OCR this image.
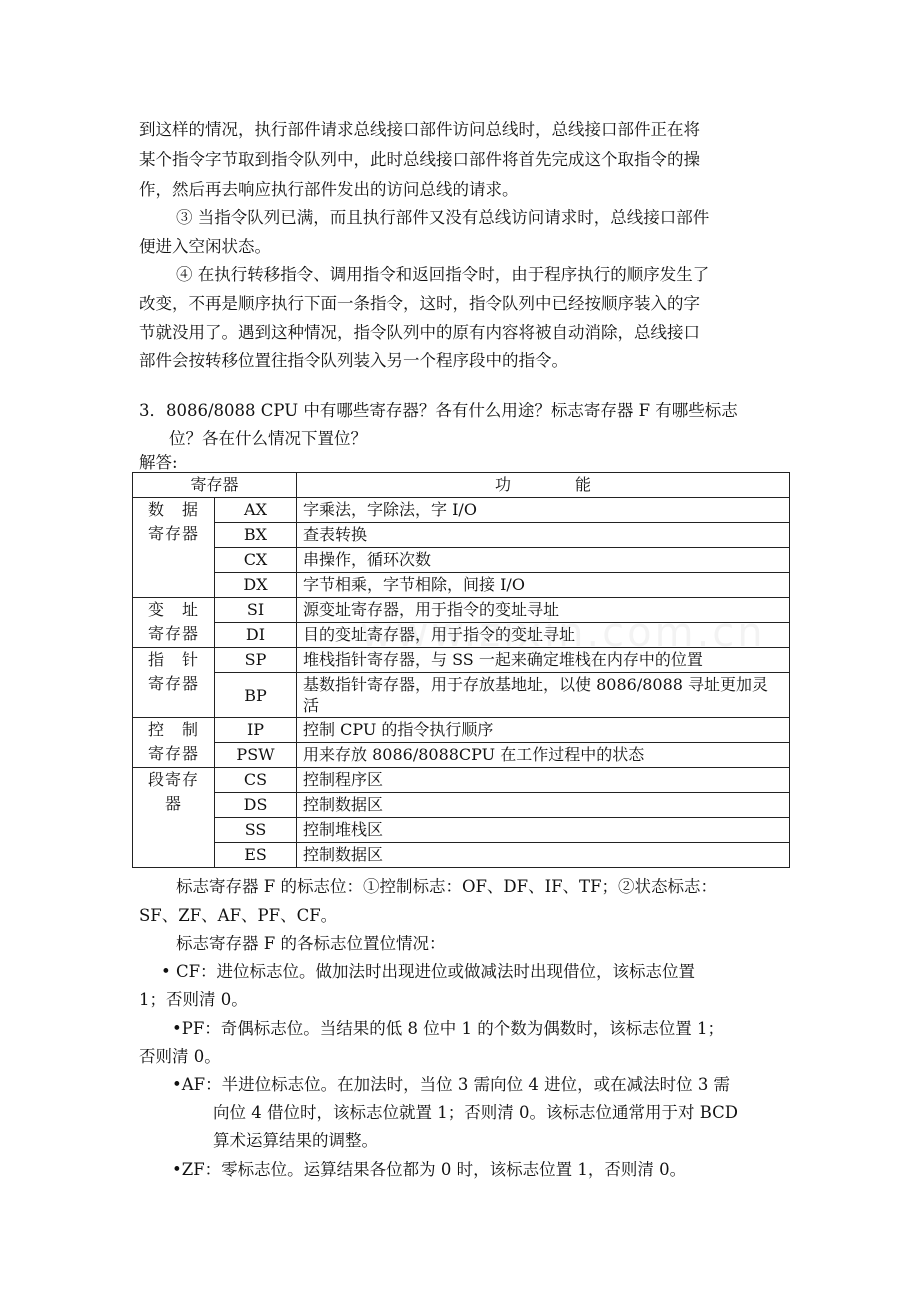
到这样的情况，执行部件请求总线接口部件访问总线时，总线接口部件正在将
某个指令字节取到指令队列中，此时总线接口部件将首先完成这个取指令的操
作，然后再去响应执行部件发出的访问总线的请求。
③ 当指令队列已满，而且执行部件又没有总线访问请求时，总线接口部件
便进入空闲状态。
④ 在执行转移指令、调用指令和返回指令时，由于程序执行的顺序发生了
改变，不再是顺序执行下面一条指令，这时，指令队列中已经按顺序装入的字
节就没用了。遇到这种情况，指令队列中的原有内容将被自动消除，总线接口
部件会按转移位置往指令队列装入另一个程序段中的指令。
3．8086/8088 CPU 中有哪些寄存器？各有什么用途？标志寄存器 F 有哪些标志
位？各在什么情况下置位？
解答:
寄存器		功　　　　能

数　据
寄存器	AX	字乘法，字除法，字 I/O
	BX	查表转换
	CX	串操作，循环次数
	DX	字节相乘，字节相除，间接 I/O

变　址
寄存器	SI	源变址寄存器，用于指令的变址寻址
	DI	目的变址寄存器，用于指令的变址寻址

指　针
寄存器	SP	堆栈指针寄存器，与 SS 一起来确定堆栈在内存中的位置
	BP	基数指针寄存器，用于存放基地址，以使 8086/8088 寻址更加灵活

控　制
寄存器	IP	控制 CPU 的指令执行顺序
	PSW	用来存放 8086/8088CPU 在工作过程中的状态

段寄存
器	CS	控制程序区
	DS	控制数据区
	SS	控制堆栈区
	ES	控制数据区
标志寄存器 F 的标志位：①控制标志：OF、DF、IF、TF；②状态标志：
SF、ZF、AF、PF、CF。
标志寄存器 F 的各标志位置位情况：
• CF：进位标志位。做加法时出现进位或做减法时出现借位，该标志位置
1；否则清 0。
•PF：奇偶标志位。当结果的低 8 位中 1 的个数为偶数时，该标志位置 1；
否则清 0。
•AF：半进位标志位。在加法时，当位 3 需向位 4 进位，或在减法时位 3 需
向位 4 借位时，该标志位就置 1；否则清 0。该标志位通常用于对 BCD
算术运算结果的调整。
•ZF：零标志位。运算结果各位都为 0 时，该标志位置 1，否则清 0。
